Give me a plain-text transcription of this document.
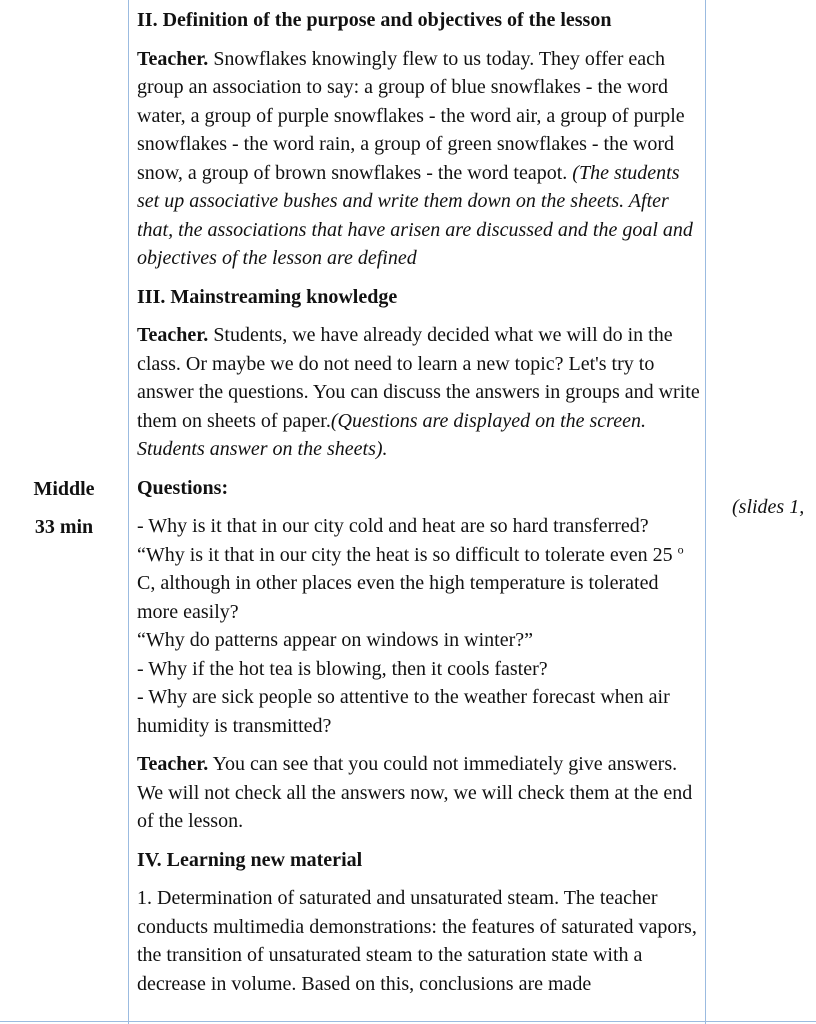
Middle
33 min

II. Definition of the purpose and objectives of the lesson

Teacher. Snowflakes knowingly flew to us today. They offer each group an association to say: a group of blue snowflakes - the word water, a group of purple snowflakes - the word air, a group of purple snowflakes - the word rain, a group of green snowflakes - the word snow, a group of brown snowflakes - the word teapot. (The students set up associative bushes and write them down on the sheets. After that, the associations that have arisen are discussed and the goal and objectives of the lesson are defined

III. Mainstreaming knowledge

Teacher. Students, we have already decided what we will do in the class. Or maybe we do not need to learn a new topic? Let's try to answer the questions. You can discuss the answers in groups and write them on sheets of paper.(Questions are displayed on the screen. Students answer on the sheets).

Questions:

- Why is it that in our city cold and heat are so hard transferred?

“Why is it that in our city the heat is so difficult to tolerate even 25 $^o$ C, although in other places even the high temperature is tolerated more easily?

“Why do patterns appear on windows in winter?”

- Why if the hot tea is blowing, then it cools faster?

- Why are sick people so attentive to the weather forecast when air humidity is transmitted?

Teacher. You can see that you could not immediately give answers. We will not check all the answers now, we will check them at the end of the lesson.

IV. Learning new material

1. Determination of saturated and unsaturated steam. The teacher conducts multimedia demonstrations: the features of saturated vapors, the transition of unsaturated steam to the saturation state with a decrease in volume. Based on this, conclusions are made

(slides 1,
